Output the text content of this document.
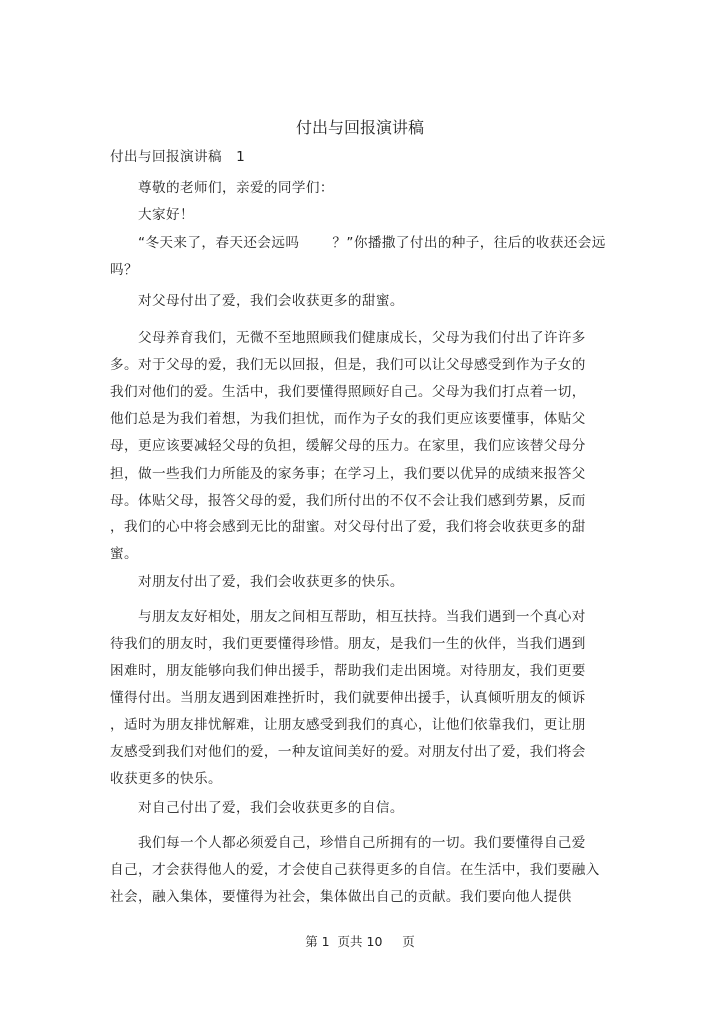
付出与回报演讲稿
付出与回报演讲稿   1
尊敬的老师们，亲爱的同学们：
大家好！
“冬天来了，春天还会远吗       ？”你播撒了付出的种子，往后的收获还会远
吗？
对父母付出了爱，我们会收获更多的甜蜜。
父母养育我们，无微不至地照顾我们健康成长，父母为我们付出了许许多
多。对于父母的爱，我们无以回报，但是，我们可以让父母感受到作为子女的
我们对他们的爱。生活中，我们要懂得照顾好自己。父母为我们打点着一切，
他们总是为我们着想，为我们担忧，而作为子女的我们更应该要懂事，体贴父
母，更应该要减轻父母的负担，缓解父母的压力。在家里，我们应该替父母分
担，做一些我们力所能及的家务事；在学习上，我们要以优异的成绩来报答父
母。体贴父母，报答父母的爱，我们所付出的不仅不会让我们感到劳累，反而
，我们的心中将会感到无比的甜蜜。对父母付出了爱，我们将会收获更多的甜
蜜。
对朋友付出了爱，我们会收获更多的快乐。
与朋友友好相处，朋友之间相互帮助，相互扶持。当我们遇到一个真心对
待我们的朋友时，我们更要懂得珍惜。朋友，是我们一生的伙伴，当我们遇到
困难时，朋友能够向我们伸出援手，帮助我们走出困境。对待朋友，我们更要
懂得付出。当朋友遇到困难挫折时，我们就要伸出援手，认真倾听朋友的倾诉
，适时为朋友排忧解难，让朋友感受到我们的真心，让他们依靠我们，更让朋
友感受到我们对他们的爱，一种友谊间美好的爱。对朋友付出了爱，我们将会
收获更多的快乐。
对自己付出了爱，我们会收获更多的自信。
我们每一个人都必须爱自己，珍惜自己所拥有的一切。我们要懂得自己爱
自己，才会获得他人的爱，才会使自己获得更多的自信。在生活中，我们要融入
社会，融入集体，要懂得为社会，集体做出自己的贡献。我们要向他人提供
第 1  页共 10     页
